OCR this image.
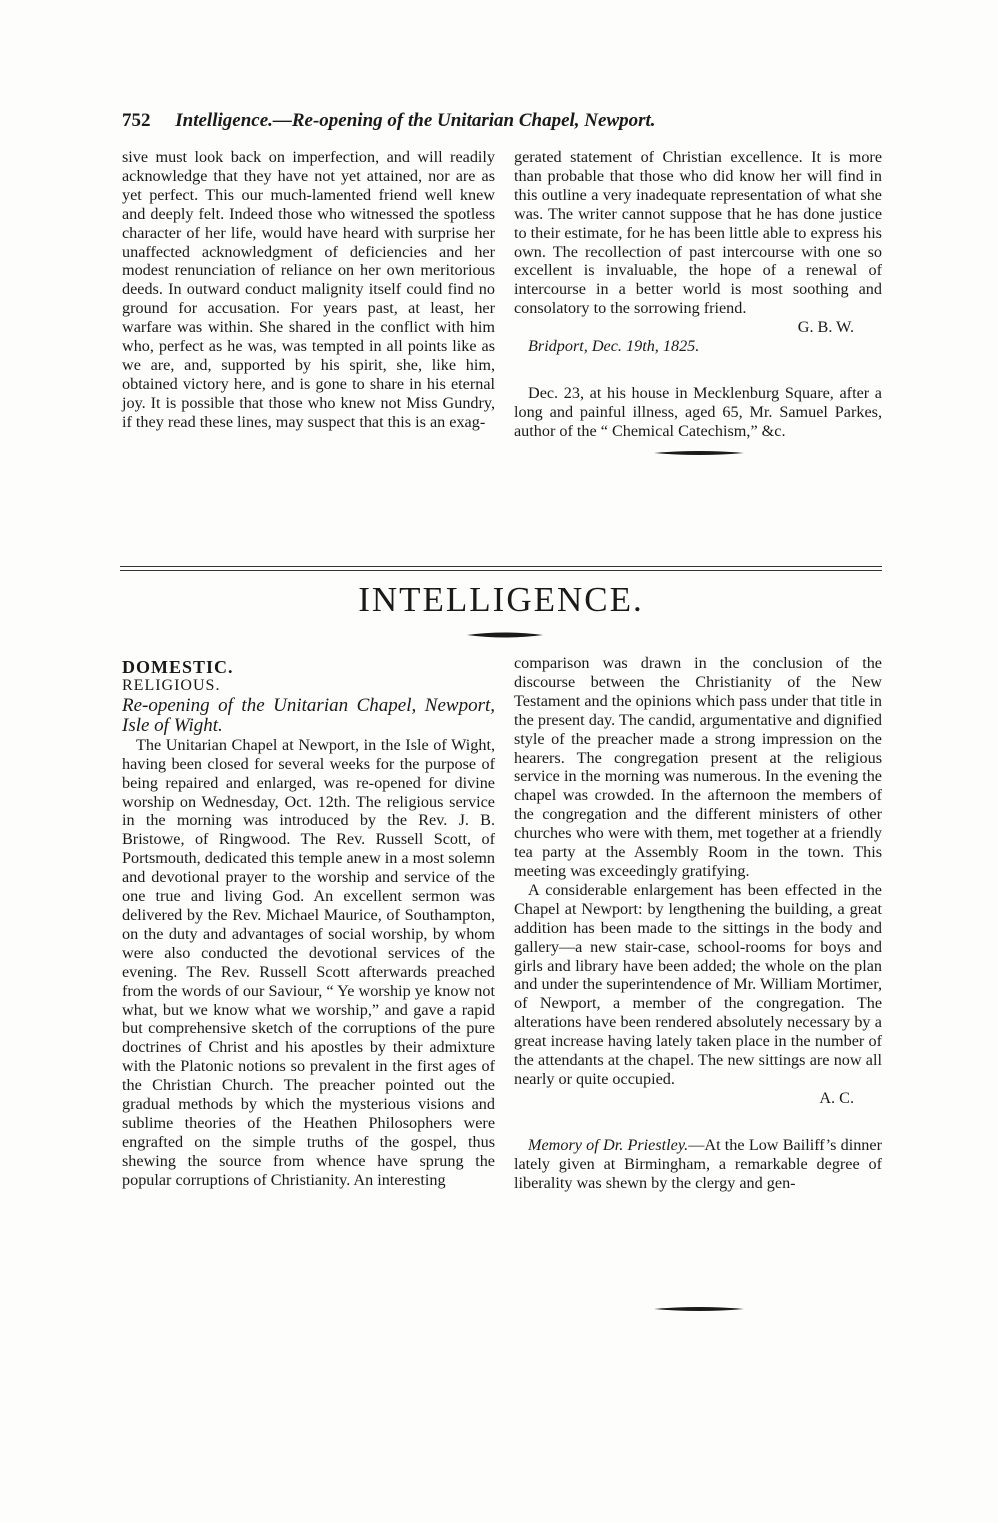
752 Intelligence.—Re-opening of the Unitarian Chapel, Newport.

sive must look back on imperfection, and will readily acknowledge that they have not yet attained, nor are as yet perfect. This our much-lamented friend well knew and deeply felt. Indeed those who witnessed the spotless character of her life, would have heard with surprise her unaffected acknowledgment of deficiencies and her modest renunciation of reliance on her own meritorious deeds. In outward conduct malignity itself could find no ground for accusation. For years past, at least, her warfare was within. She shared in the conflict with him who, perfect as he was, was tempted in all points like as we are, and, supported by his spirit, she, like him, obtained victory here, and is gone to share in his eternal joy. It is possible that those who knew not Miss Gundry, if they read these lines, may suspect that this is an exag-

gerated statement of Christian excellence. It is more than probable that those who did know her will find in this outline a very inadequate representation of what she was. The writer cannot suppose that he has done justice to their estimate, for he has been little able to express his own. The recollection of past intercourse with one so excellent is invaluable, the hope of a renewal of intercourse in a better world is most soothing and consolatory to the sorrowing friend.

G. B. W.

Bridport, Dec. 19th, 1825.

Dec. 23, at his house in Mecklenburg Square, after a long and painful illness, aged 65, Mr. Samuel Parkes, author of the “ Chemical Catechism,” &c.

INTELLIGENCE.

DOMESTIC.

RELIGIOUS.

Re-opening of the Unitarian Chapel, Newport, Isle of Wight.

The Unitarian Chapel at Newport, in the Isle of Wight, having been closed for several weeks for the purpose of being repaired and enlarged, was re-opened for divine worship on Wednesday, Oct. 12th. The religious service in the morning was introduced by the Rev. J. B. Bristowe, of Ringwood. The Rev. Russell Scott, of Portsmouth, dedicated this temple anew in a most solemn and devotional prayer to the worship and service of the one true and living God. An excellent sermon was delivered by the Rev. Michael Maurice, of Southampton, on the duty and advantages of social worship, by whom were also conducted the devotional services of the evening. The Rev. Russell Scott afterwards preached from the words of our Saviour, “ Ye worship ye know not what, but we know what we worship,” and gave a rapid but comprehensive sketch of the corruptions of the pure doctrines of Christ and his apostles by their admixture with the Platonic notions so prevalent in the first ages of the Christian Church. The preacher pointed out the gradual methods by which the mysterious visions and sublime theories of the Heathen Philosophers were engrafted on the simple truths of the gospel, thus shewing the source from whence have sprung the popular corruptions of Christianity. An interesting

comparison was drawn in the conclusion of the discourse between the Christianity of the New Testament and the opinions which pass under that title in the present day. The candid, argumentative and dignified style of the preacher made a strong impression on the hearers. The congregation present at the religious service in the morning was numerous. In the evening the chapel was crowded. In the afternoon the members of the congregation and the different ministers of other churches who were with them, met together at a friendly tea party at the Assembly Room in the town. This meeting was exceedingly gratifying.

A considerable enlargement has been effected in the Chapel at Newport: by lengthening the building, a great addition has been made to the sittings in the body and gallery—a new stair-case, school-rooms for boys and girls and library have been added; the whole on the plan and under the superintendence of Mr. William Mortimer, of Newport, a member of the congregation. The alterations have been rendered absolutely necessary by a great increase having lately taken place in the number of the attendants at the chapel. The new sittings are now all nearly or quite occupied.

A. C.

Memory of Dr. Priestley.—At the Low Bailiff’s dinner lately given at Birmingham, a remarkable degree of liberality was shewn by the clergy and gen-
